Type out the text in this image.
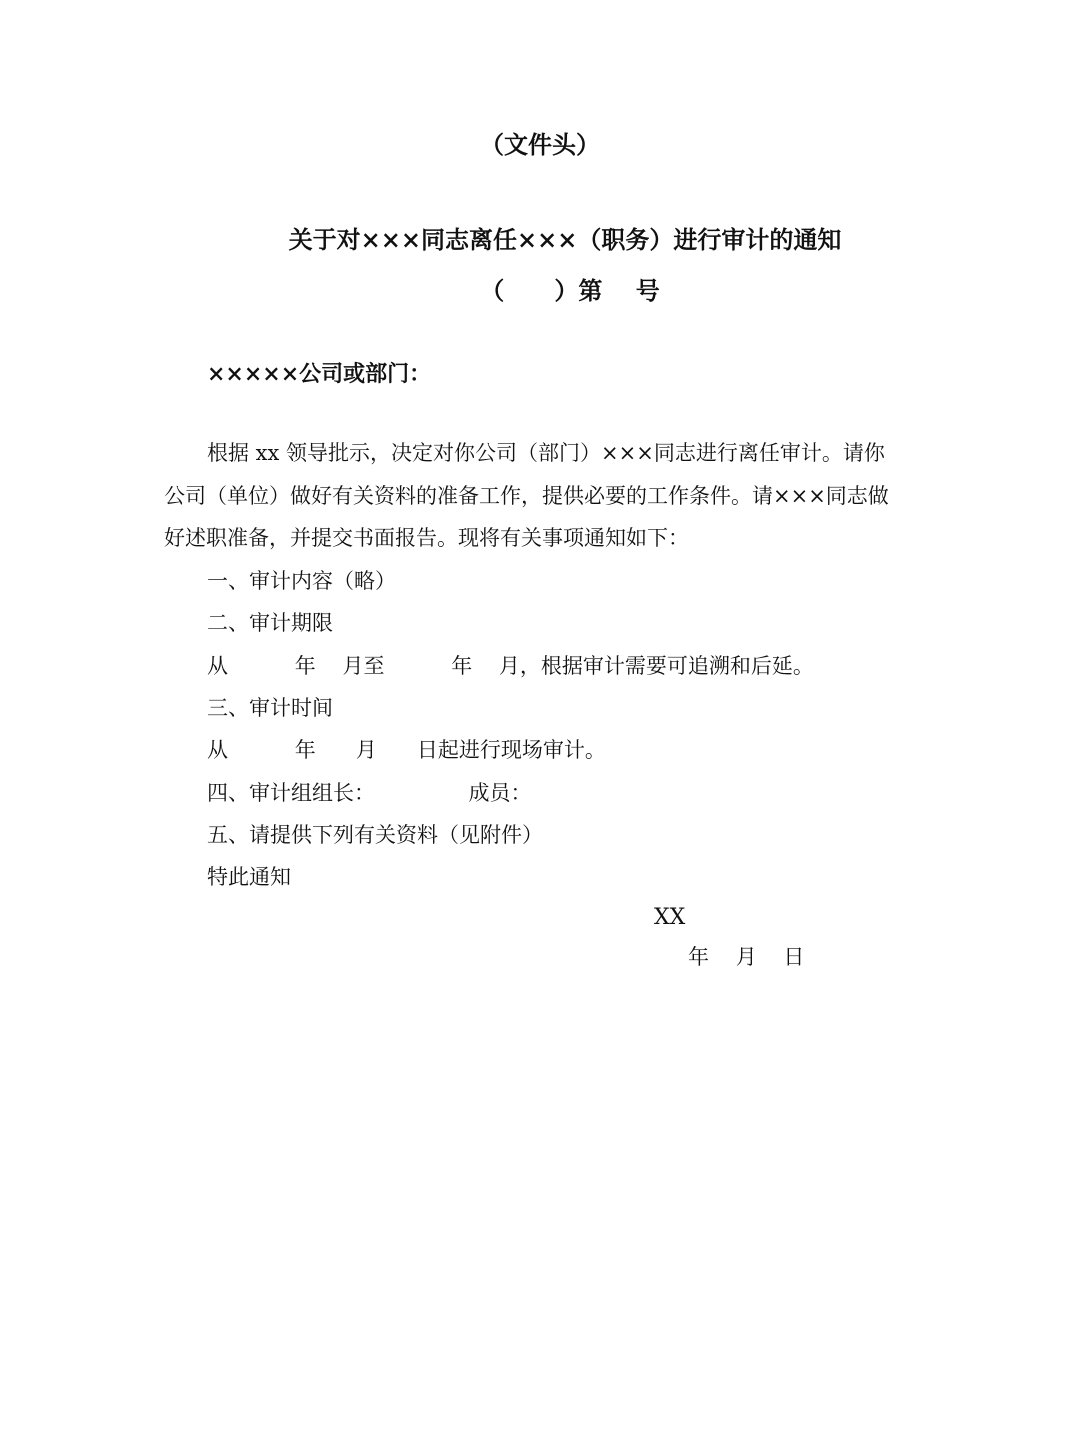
（文件头）
关于对×××同志离任×××（职务）进行审计的通知
（      ）第    号
×××××公司或部门：
根据 xx 领导批示，决定对你公司（部门）×××同志进行离任审计。请你
公司（单位）做好有关资料的准备工作，提供必要的工作条件。请×××同志做
好述职准备，并提交书面报告。现将有关事项通知如下：
一、审计内容（略）
二、审计期限
从          年    月至          年    月，根据审计需要可追溯和后延。
三、审计时间
从          年      月      日起进行现场审计。
四、审计组组长：              成员：
五、请提供下列有关资料（见附件）
特此通知
XX
年    月    日
